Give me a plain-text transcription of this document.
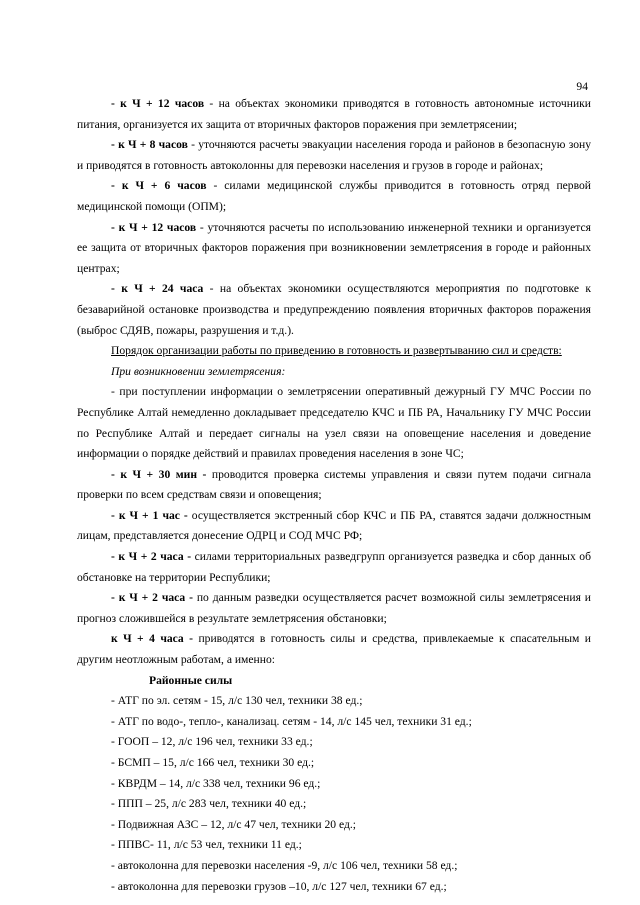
94

- к Ч + 12 часов - на объектах экономики приводятся в готовность автономные источники питания, организуется их защита от вторичных факторов поражения при землетрясении;

- к Ч + 8 часов - уточняются расчеты эвакуации населения города и районов в безопасную зону и приводятся в готовность автоколонны для перевозки населения и грузов в городе и районах;

- к Ч + 6 часов - силами медицинской службы приводится в готовность отряд первой медицинской помощи (ОПМ);

- к Ч + 12 часов - уточняются расчеты по использованию инженерной техники и организуется ее защита от вторичных факторов поражения при возникновении землетрясения в городе и районных центрах;

- к Ч + 24 часа - на объектах экономики осуществляются мероприятия по подготовке к безаварийной остановке производства и предупреждению появления вторичных факторов поражения (выброс СДЯВ, пожары, разрушения и т.д.).

Порядок организации работы по приведению в готовность и развертыванию сил и средств:

При возникновении землетрясения:

- при поступлении информации о землетрясении оперативный дежурный ГУ МЧС России по Республике Алтай немедленно докладывает председателю КЧС и ПБ РА, Начальнику ГУ МЧС России по Республике Алтай и передает сигналы на узел связи на оповещение населения и доведение информации о порядке действий и правилах проведения населения в зоне ЧС;

- к Ч + 30 мин - проводится проверка системы управления и связи путем подачи сигнала проверки по всем средствам связи и оповещения;

- к Ч + 1 час - осуществляется экстренный сбор КЧС и ПБ РА, ставятся задачи должностным лицам, представляется донесение ОДРЦ и СОД МЧС РФ;

- к Ч + 2 часа - силами территориальных разведгрупп организуется разведка и сбор данных об обстановке на территории Республики;

- к Ч + 2 часа - по данным разведки осуществляется расчет возможной силы землетрясения и прогноз сложившейся в результате землетрясения обстановки;

к Ч + 4 часа - приводятся в готовность силы и средства, привлекаемые к спасательным и другим неотложным работам, а именно:

Районные силы

- АТГ по эл. сетям - 15, л/с 130 чел, техники 38 ед.;

- АТГ по водо-, тепло-, канализац. сетям - 14, л/с 145 чел, техники 31 ед.;

- ГООП – 12, л/с 196 чел, техники 33 ед.;

- БСМП – 15, л/с 166 чел, техники 30 ед.;

- КВРДМ – 14, л/с 338 чел, техники 96 ед.;

- ППП – 25, л/с 283 чел, техники 40 ед.;

- Подвижная АЗС – 12, л/с 47 чел, техники 20 ед.;

- ППВС- 11, л/с 53 чел, техники 11 ед.;

- автоколонна для перевозки населения -9, л/с 106 чел, техники 58 ед.;

- автоколонна для перевозки грузов –10, л/с 127 чел, техники 67 ед.;
